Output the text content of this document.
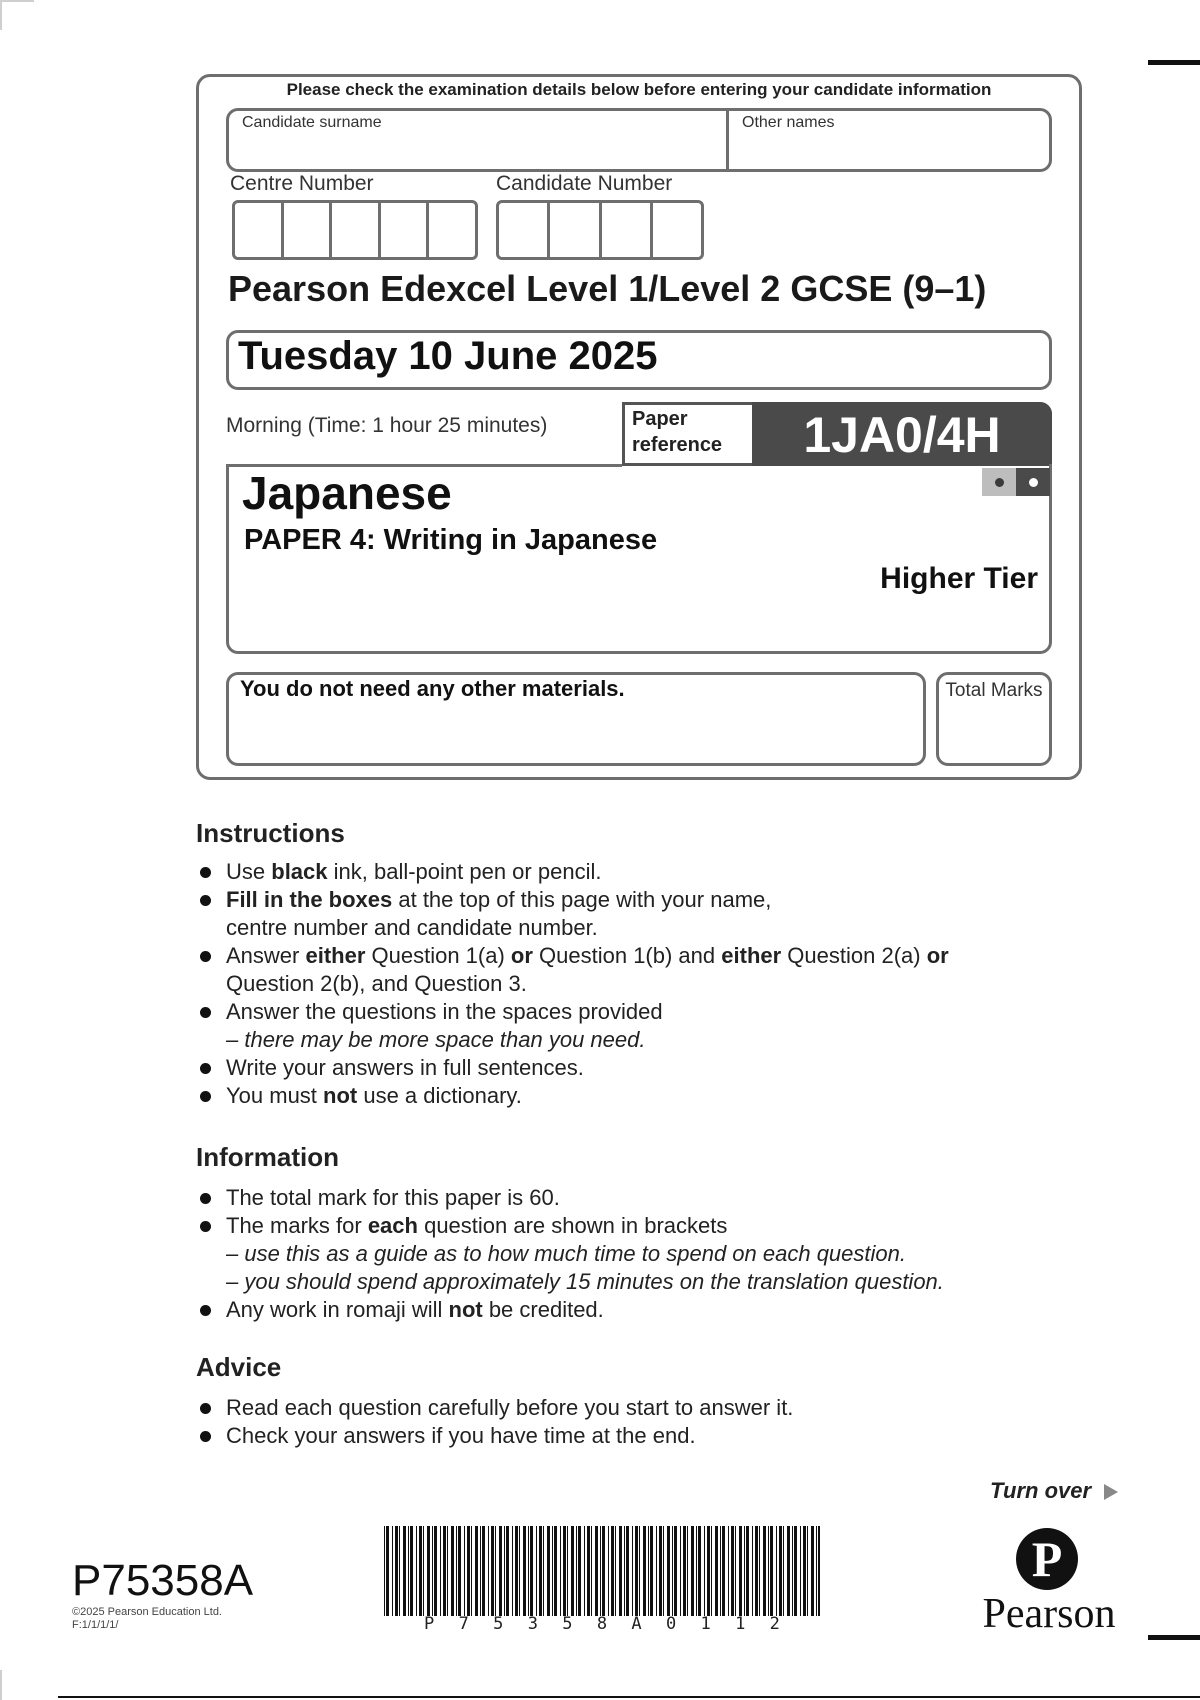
Please check the examination details below before entering your candidate information
Candidate surname	Other names
Centre Number	Candidate Number
Pearson Edexcel Level 1/Level 2 GCSE (9–1)
Tuesday 10 June 2025
Morning (Time: 1 hour 25 minutes)	Paper
reference	1JA0/4H
Japanese
PAPER 4: Writing in Japanese
Higher Tier
You do not need any other materials.	Total Marks
Instructions
Use black ink, ball-point pen or pencil.
Fill in the boxes at the top of this page with your name, centre number and candidate number.
Answer either Question 1(a) or Question 1(b) and either Question 2(a) or Question 2(b), and Question 3.
Answer the questions in the spaces provided
– there may be more space than you need.
Write your answers in full sentences.
You must not use a dictionary.
Information
The total mark for this paper is 60.
The marks for each question are shown in brackets
– use this as a guide as to how much time to spend on each question.
– you should spend approximately 15 minutes on the translation question.
Any work in romaji will not be credited.
Advice
Read each question carefully before you start to answer it.
Check your answers if you have time at the end.
Turn over
P75358A
©2025 Pearson Education Ltd.
F:1/1/1/1/	P 7 5 3 5 8 A 0 1 1 2
P
Pearson
